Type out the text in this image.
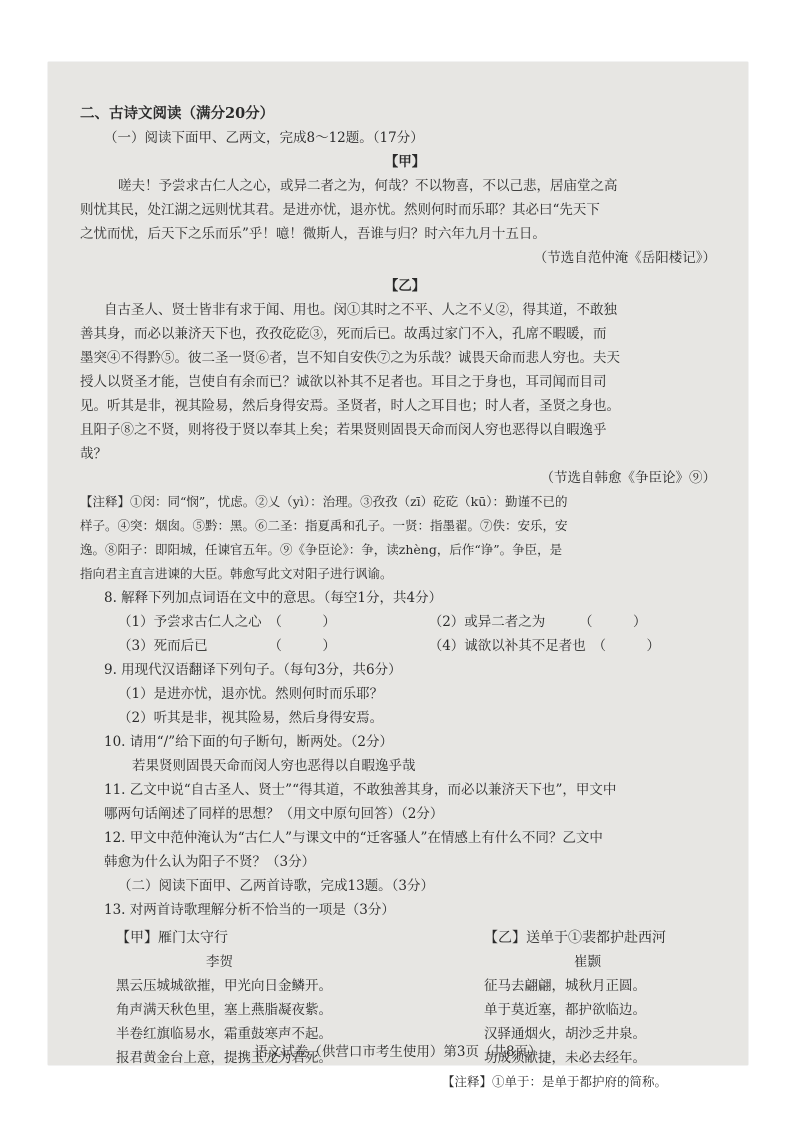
二、古诗文阅读（满分20分）
（一）阅读下面甲、乙两文，完成8～12题。（17分）
【甲】
嗟夫！予尝求古仁人之心，或异二者之为，何哉？不以物喜，不以己悲，居庙堂之高
则忧其民，处江湖之远则忧其君。是进亦忧，退亦忧。然则何时而乐耶？其必曰“先天下
之忧而忧，后天下之乐而乐”乎！噫！微斯人，吾谁与归？时六年九月十五日。
（节选自范仲淹《岳阳楼记》）
【乙】
自古圣人、贤士皆非有求于闻、用也。闵①其时之不平、人之不乂②，得其道，不敢独
善其身，而必以兼济天下也，孜孜矻矻③，死而后已。故禹过家门不入，孔席不暇暖，而
墨突④不得黔⑤。彼二圣一贤⑥者，岂不知自安佚⑦之为乐哉？诚畏天命而悲人穷也。夫天
授人以贤圣才能，岂使自有余而已？诚欲以补其不足者也。耳目之于身也，耳司闻而目司
见。听其是非，视其险易，然后身得安焉。圣贤者，时人之耳目也；时人者，圣贤之身也。
且阳子⑧之不贤，则将役于贤以奉其上矣；若果贤则固畏天命而闵人穷也恶得以自暇逸乎
哉？
（节选自韩愈《争臣论》⑨）
【注释】①闵：同“悯”，忧虑。②乂（yì）：治理。③孜孜（zī）矻矻（kū）：勤谨不已的
样子。④突：烟囱。⑤黔：黑。⑥二圣：指夏禹和孔子。一贤：指墨翟。⑦佚：安乐，安
逸。⑧阳子：即阳城，任谏官五年。⑨《争臣论》：争，读zhèng，后作“诤”。争臣，是
指向君主直言进谏的大臣。韩愈写此文对阳子进行讽谕。
8. 解释下列加点词语在文中的意思。（每空1分，共4分）
（1）予尝求古仁人之心　（　　　）	（2）或异二者之为　　　（　　　）
（3）死而后已　　　　　（　　　）	（4）诚欲以补其不足者也　（　　　）
9. 用现代汉语翻译下列句子。（每句3分，共6分）
（1）是进亦忧，退亦忧。然则何时而乐耶？
（2）听其是非，视其险易，然后身得安焉。
10. 请用“/”给下面的句子断句，断两处。（2分）
若果贤则固畏天命而闵人穷也恶得以自暇逸乎哉
11. 乙文中说“自古圣人、贤士”“得其道，不敢独善其身，而必以兼济天下也”，甲文中
哪两句话阐述了同样的思想？（用文中原句回答）（2分）
12. 甲文中范仲淹认为“古仁人”与课文中的“迁客骚人”在情感上有什么不同？乙文中
韩愈为什么认为阳子不贤？（3分）
（二）阅读下面甲、乙两首诗歌，完成13题。（3分）
13. 对两首诗歌理解分析不恰当的一项是（3分）
【甲】雁门太守行
李贺
黑云压城城欲摧，甲光向日金鳞开。
角声满天秋色里，塞上燕脂凝夜紫。
半卷红旗临易水，霜重鼓寒声不起。
报君黄金台上意，提携玉龙为君死。
【乙】送单于①裴都护赴西河
崔颢
征马去翩翩，城秋月正圆。
单于莫近塞，都护欲临边。
汉驿通烟火，胡沙乏井泉。
功成须献捷，未必去经年。
【注释】①单于：是单于都护府的简称。
语文试卷（供营口市考生使用）第3页（共8页）
